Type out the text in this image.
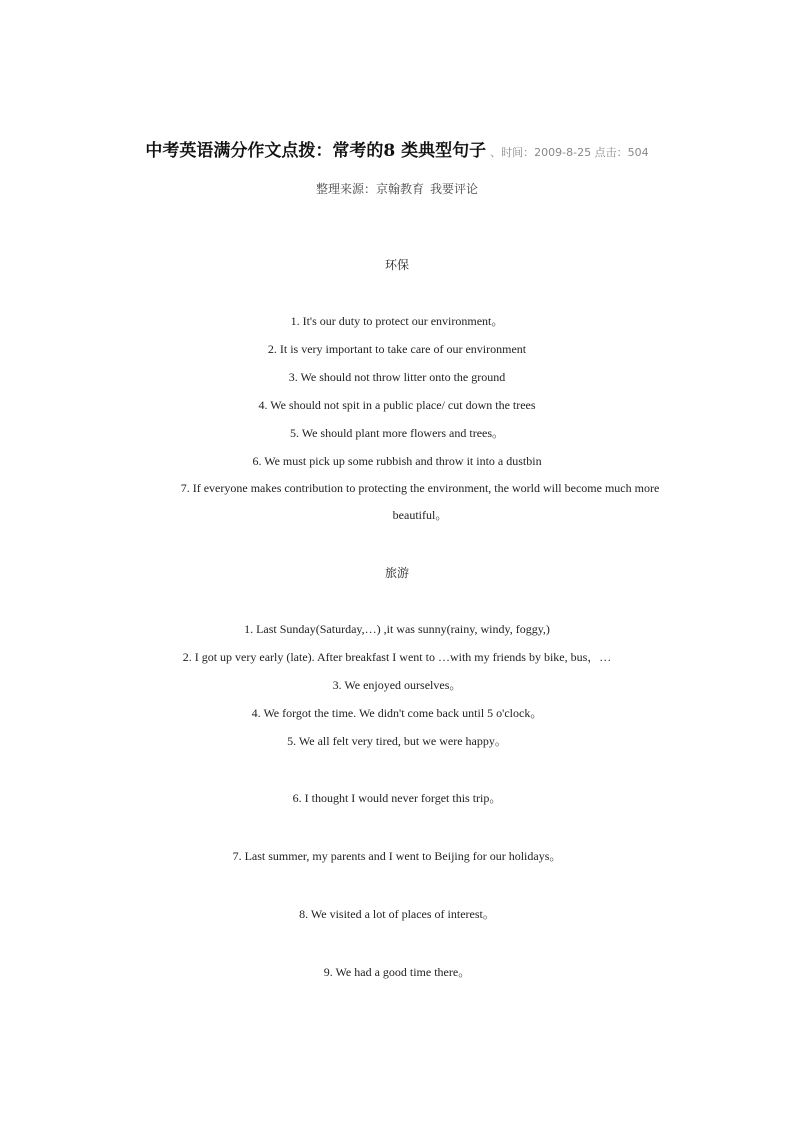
中考英语满分作文点拨：常考的8 类典型句子 、时间：2009-8-25 点击：504
整理来源：京翰教育 我要评论
环保
1. It's our duty to protect our environment。
2. It is very important to take care of our environment
3. We should not throw litter onto the ground
4. We should not spit in a public place/ cut down the trees
5. We should plant more flowers and trees。
6. We must pick up some rubbish and throw it into a dustbin
7. If everyone makes contribution to protecting the environment, the world will become much more beautiful。
旅游
1. Last Sunday(Saturday,…) ,it was sunny(rainy, windy, foggy,)
2. I got up very early (late). After breakfast I went to …with my friends by bike, bus，…
3. We enjoyed ourselves。
4. We forgot the time. We didn't come back until 5 o'clock。
5. We all felt very tired, but we were happy。
6. I thought I would never forget this trip。
7. Last summer, my parents and I went to Beijing for our holidays。
8. We visited a lot of places of interest。
9. We had a good time there。
